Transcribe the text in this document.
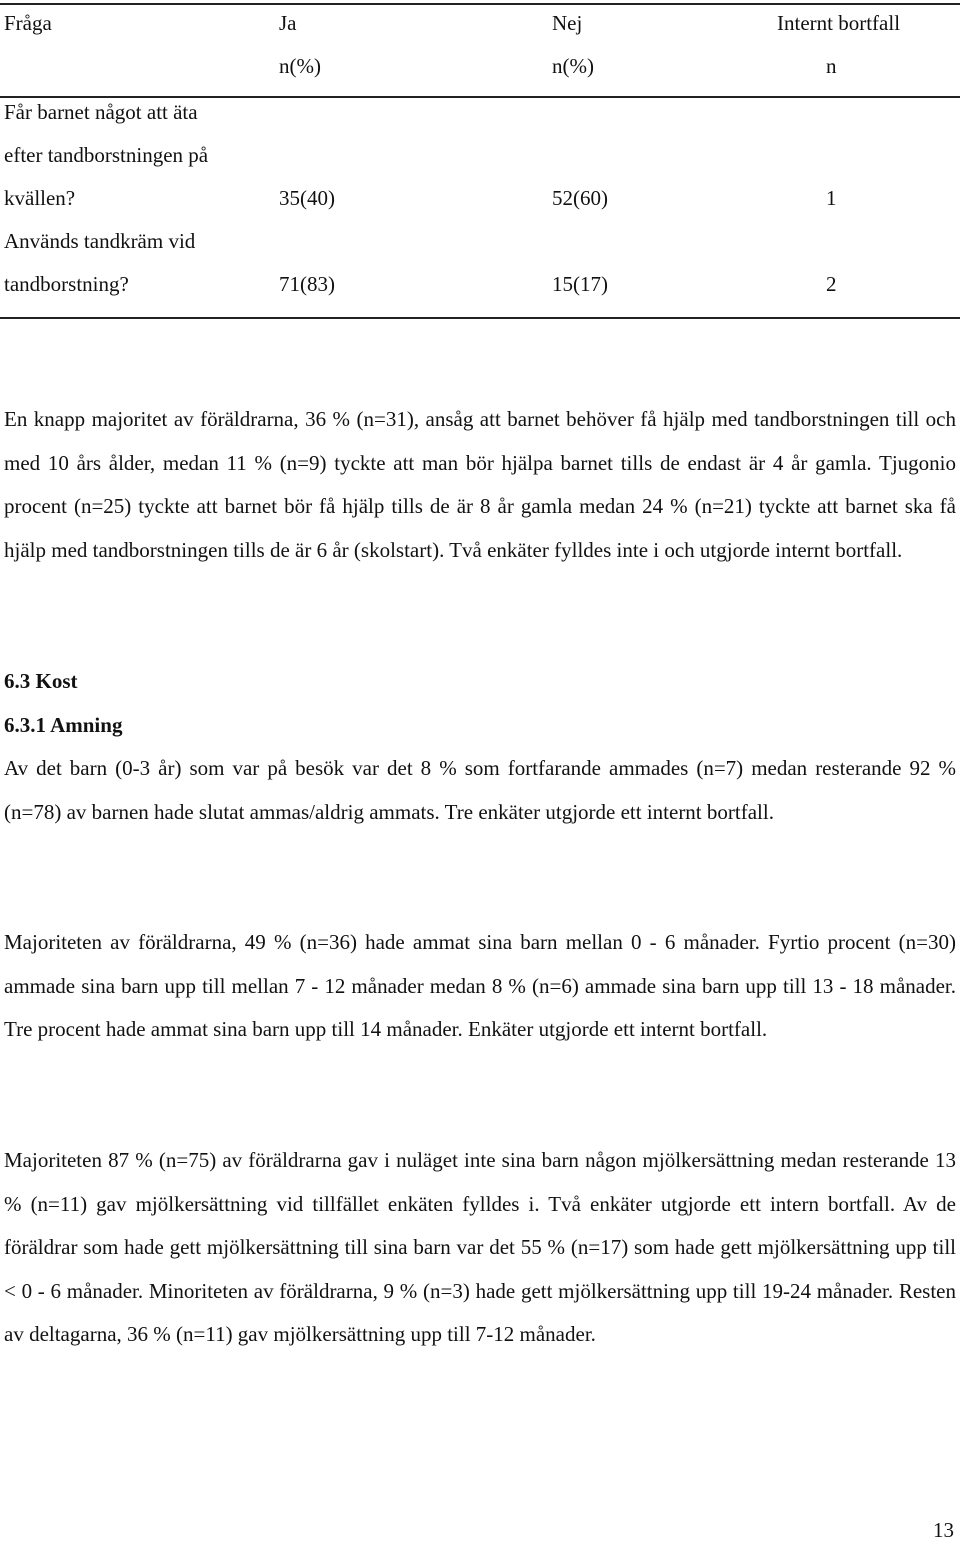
Fråga	Ja	Nej	Internt bortfall
n(%)	n(%)	n
Får barnet något att äta
efter tandborstningen på
kvällen?	35(40)	52(60)	1
Används tandkräm vid
tandborstning?	71(83)	15(17)	2

En knapp majoritet av föräldrarna, 36 % (n=31), ansåg att barnet behöver få hjälp med tandborstningen till och med 10 års ålder, medan 11 % (n=9) tyckte att man bör hjälpa barnet tills de endast är 4 år gamla. Tjugonio procent (n=25) tyckte att barnet bör få hjälp tills de är 8 år gamla medan 24 % (n=21) tyckte att barnet ska få hjälp med tandborstningen tills de är 6 år (skolstart). Två enkäter fylldes inte i och utgjorde internt bortfall.

6.3 Kost
6.3.1 Amning

Av det barn (0-3 år) som var på besök var det 8 % som fortfarande ammades (n=7) medan resterande 92 % (n=78) av barnen hade slutat ammas/aldrig ammats. Tre enkäter utgjorde ett internt bortfall.

Majoriteten av föräldrarna, 49 % (n=36) hade ammat sina barn mellan 0 - 6 månader. Fyrtio procent (n=30) ammade sina barn upp till mellan 7 - 12 månader medan 8 % (n=6) ammade sina barn upp till 13 - 18 månader. Tre procent hade ammat sina barn upp till 14 månader. Enkäter utgjorde ett internt bortfall.

Majoriteten 87 % (n=75) av föräldrarna gav i nuläget inte sina barn någon mjölkersättning medan resterande 13 % (n=11) gav mjölkersättning vid tillfället enkäten fylldes i. Två enkäter utgjorde ett intern bortfall. Av de föräldrar som hade gett mjölkersättning till sina barn var det 55 % (n=17) som hade gett mjölkersättning upp till < 0 - 6 månader. Minoriteten av föräldrarna, 9 % (n=3) hade gett mjölkersättning upp till 19-24 månader. Resten av deltagarna, 36 % (n=11) gav mjölkersättning upp till 7-12 månader.

13
